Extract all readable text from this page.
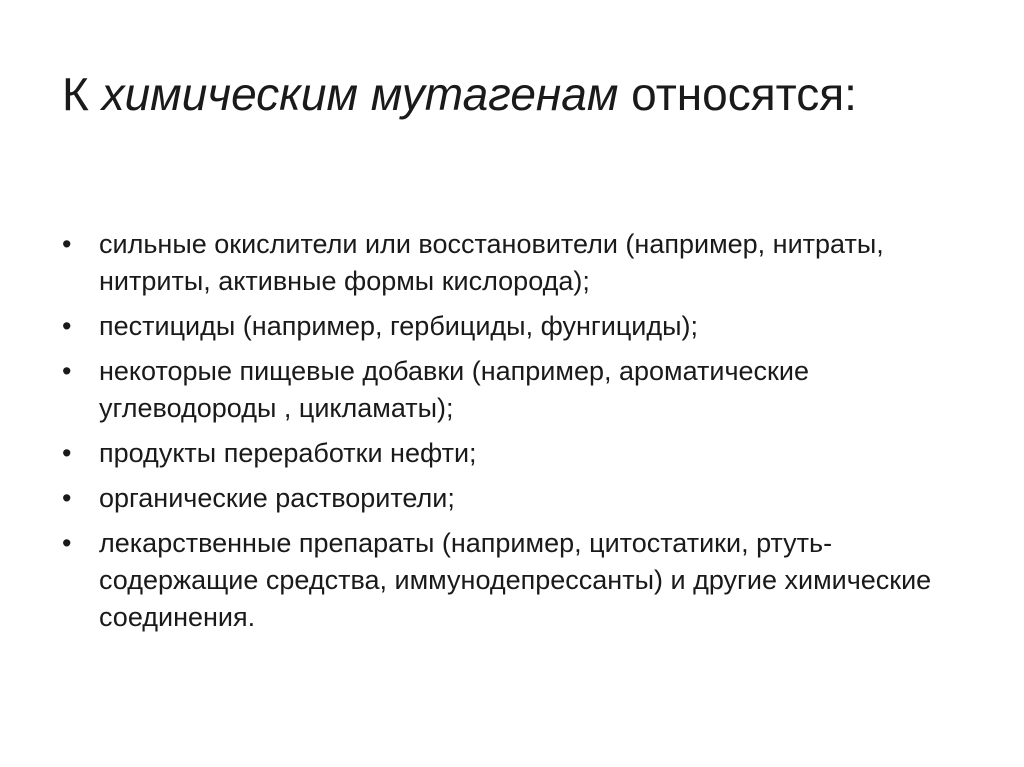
К химическим мутагенам относятся:
•	сильные окислители или восстановители (например, нитраты, нитриты, активные формы кислорода);
•	пестициды (например, гербициды, фунгициды);
•	некоторые пищевые добавки (например, ароматические углеводороды , цикламаты);
•	продукты переработки нефти;
•	органические растворители;
•	лекарственные препараты (например, цитостатики, ртуть-содержащие средства, иммунодепрессанты) и другие химические соединения.
